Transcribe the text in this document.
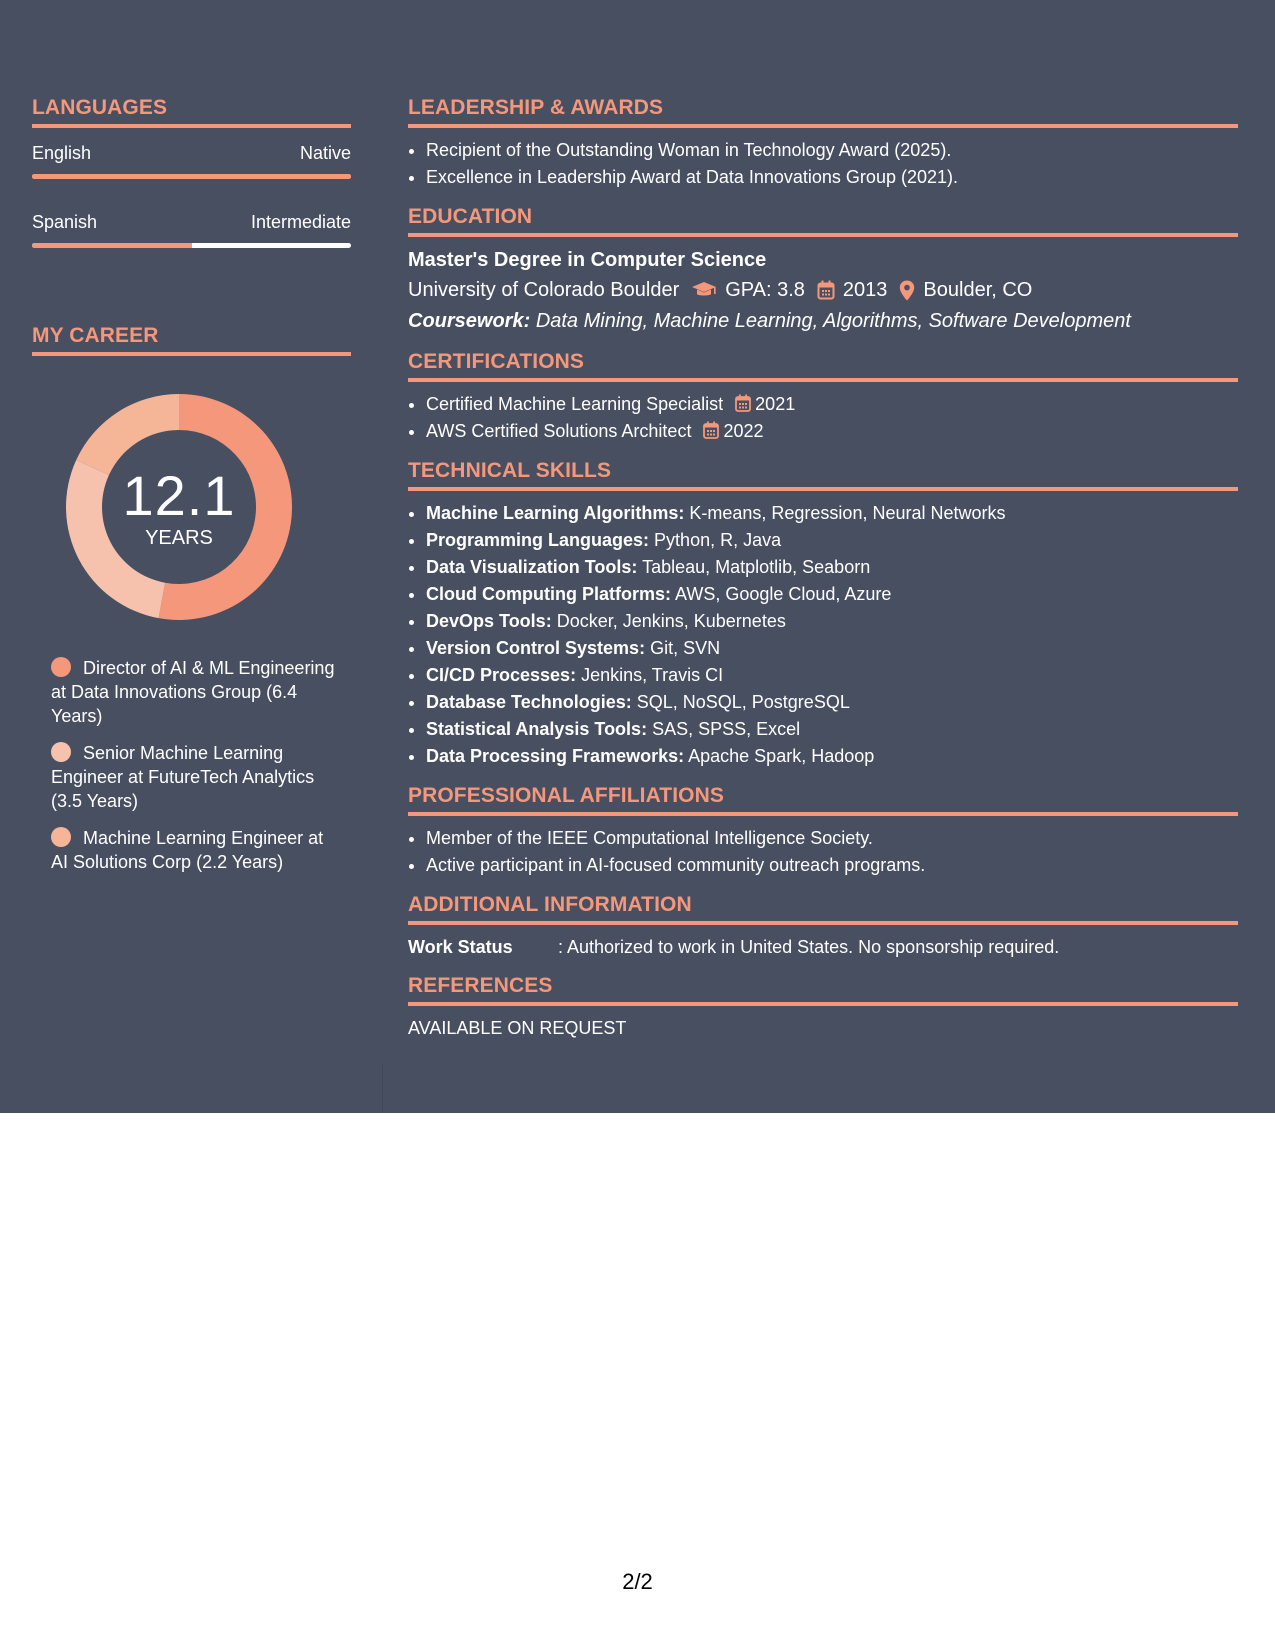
LANGUAGES
English	Native
Spanish	Intermediate
MY CAREER
12.1
YEARS
Director of AI & ML Engineering at Data Innovations Group (6.4 Years)
Senior Machine Learning Engineer at FutureTech Analytics (3.5 Years)
Machine Learning Engineer at AI Solutions Corp (2.2 Years)
LEADERSHIP & AWARDS
• Recipient of the Outstanding Woman in Technology Award (2025).
• Excellence in Leadership Award at Data Innovations Group (2021).
EDUCATION
Master's Degree in Computer Science
University of Colorado Boulder GPA: 3.8 2013 Boulder, CO
Coursework: Data Mining, Machine Learning, Algorithms, Software Development
CERTIFICATIONS
• Certified Machine Learning Specialist 2021
• AWS Certified Solutions Architect 2022
TECHNICAL SKILLS
• Machine Learning Algorithms: K-means, Regression, Neural Networks
• Programming Languages: Python, R, Java
• Data Visualization Tools: Tableau, Matplotlib, Seaborn
• Cloud Computing Platforms: AWS, Google Cloud, Azure
• DevOps Tools: Docker, Jenkins, Kubernetes
• Version Control Systems: Git, SVN
• CI/CD Processes: Jenkins, Travis CI
• Database Technologies: SQL, NoSQL, PostgreSQL
• Statistical Analysis Tools: SAS, SPSS, Excel
• Data Processing Frameworks: Apache Spark, Hadoop
PROFESSIONAL AFFILIATIONS
• Member of the IEEE Computational Intelligence Society.
• Active participant in AI-focused community outreach programs.
ADDITIONAL INFORMATION
Work Status	: Authorized to work in United States. No sponsorship required.
REFERENCES
AVAILABLE ON REQUEST
2/2
